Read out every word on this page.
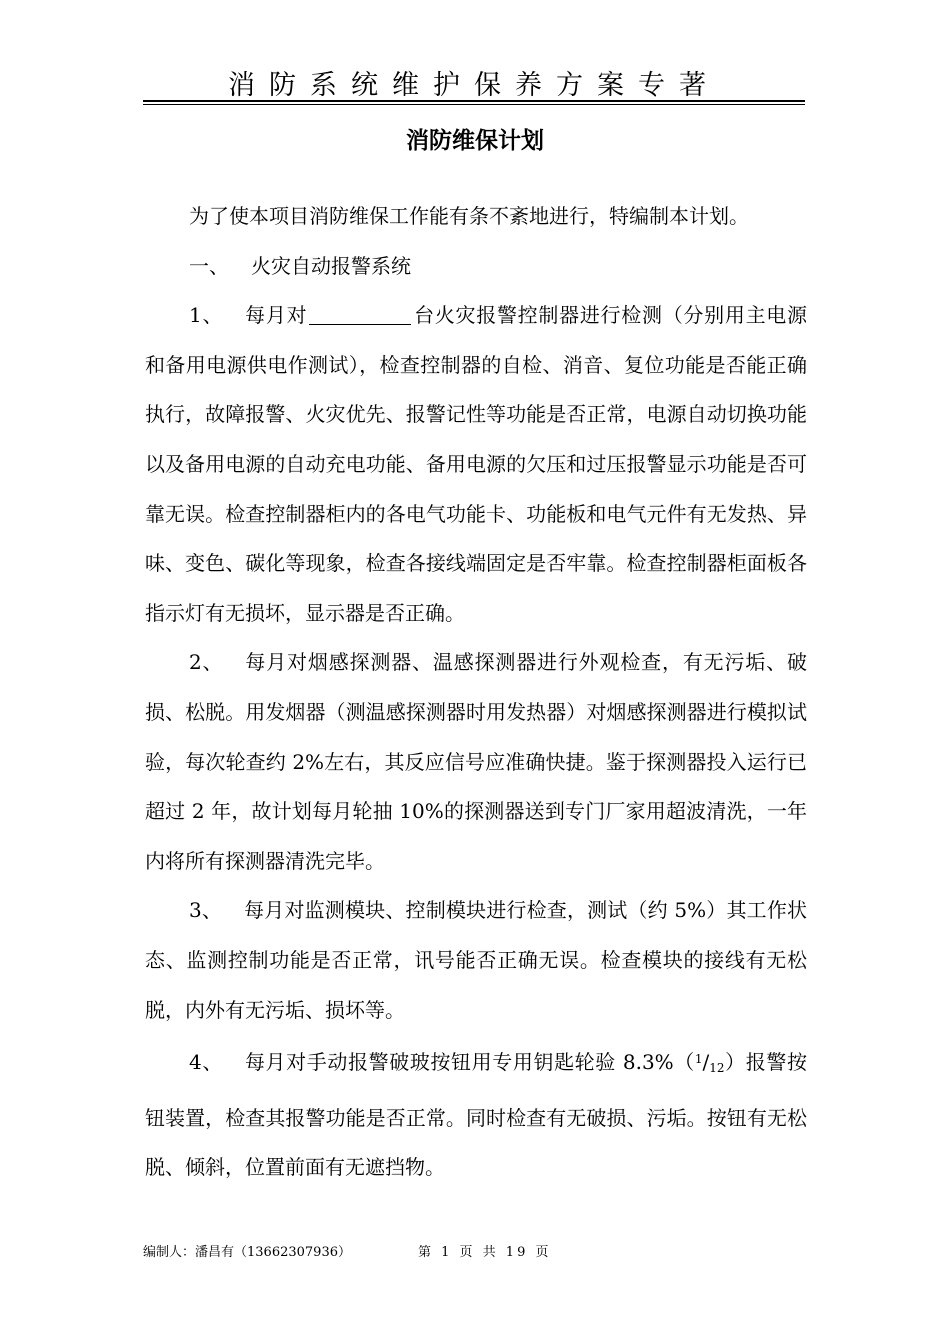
消防系统维护保养方案专著
消防维保计划

为了使本项目消防维保工作能有条不紊地进行，特编制本计划。

一、 火灾自动报警系统

1、 每月对	台火灾报警控制器进行检测（分别用主电源和备用电源供电作测试），检查控制器的自检、消音、复位功能是否能正确执行，故障报警、火灾优先、报警记性等功能是否正常，电源自动切换功能以及备用电源的自动充电功能、备用电源的欠压和过压报警显示功能是否可靠无误。检查控制器柜内的各电气功能卡、功能板和电气元件有无发热、异味、变色、碳化等现象，检查各接线端固定是否牢靠。检查控制器柜面板各指示灯有无损坏，显示器是否正确。

2、 每月对烟感探测器、温感探测器进行外观检查，有无污垢、破损、松脱。用发烟器（测温感探测器时用发热器）对烟感探测器进行模拟试验，每次轮查约 2%左右，其反应信号应准确快捷。鉴于探测器投入运行已超过 2 年，故计划每月轮抽 10%的探测器送到专门厂家用超波清洗，一年内将所有探测器清洗完毕。

3、 每月对监测模块、控制模块进行检查，测试（约 5%）其工作状态、监测控制功能是否正常，讯号能否正确无误。检查模块的接线有无松脱，内外有无污垢、损坏等。

4、 每月对手动报警破玻按钮用专用钥匙轮验 $8.3\%(^1/_{12})$报警按钮装置，检查其报警功能是否正常。同时检查有无破损、污垢。按钮有无松脱、倾斜，位置前面有无遮挡物。

编制人：潘昌有（13662307936）	第 1 页 共 19 页
